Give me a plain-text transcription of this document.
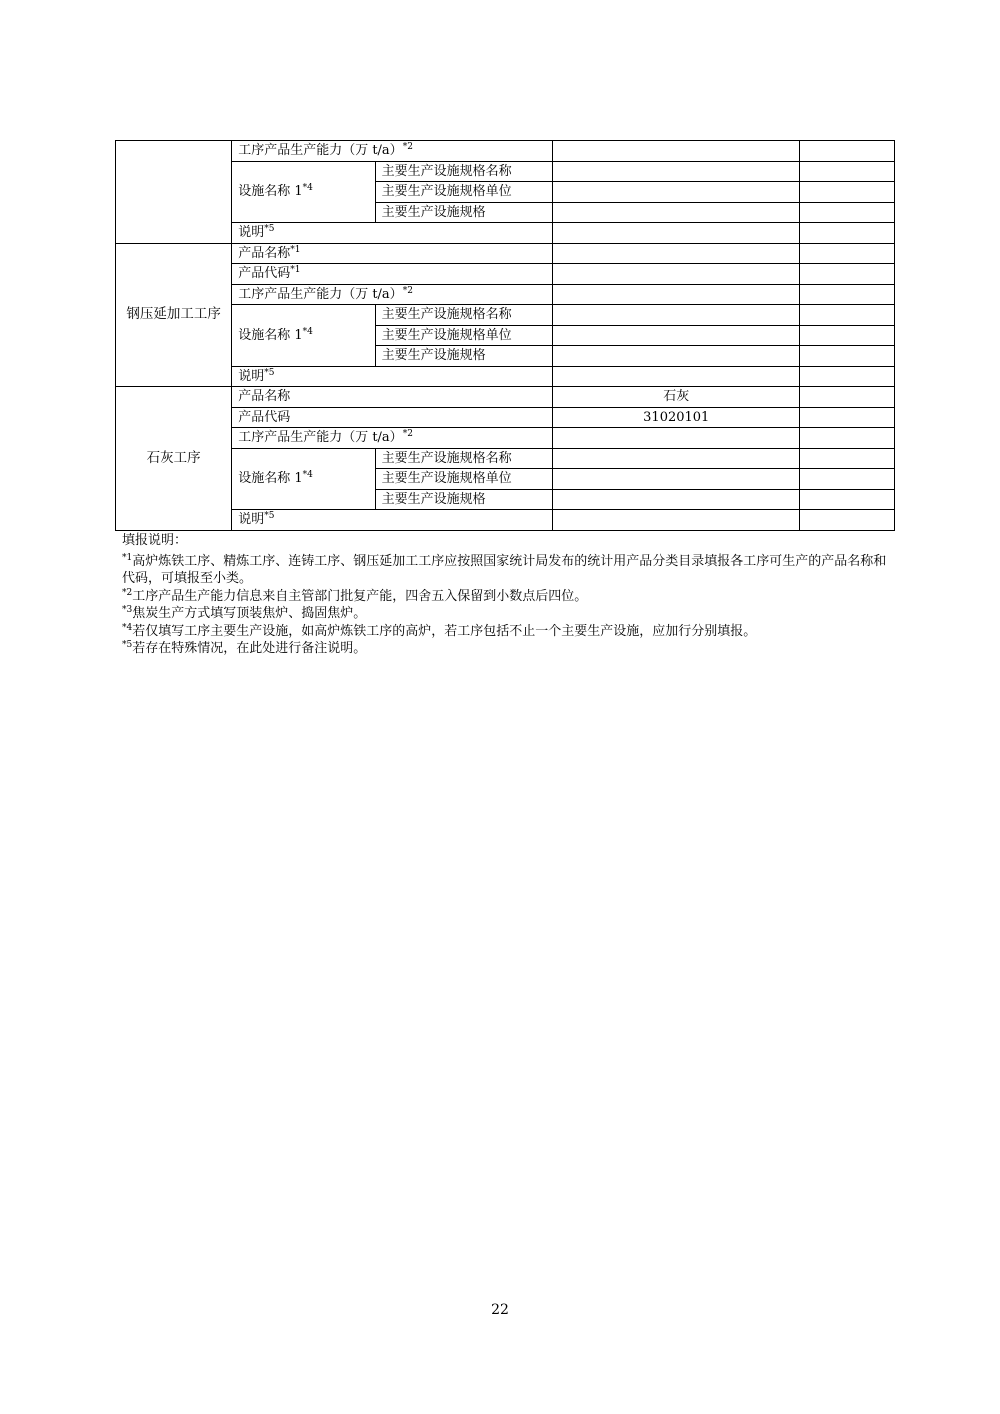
	工序产品生产能力（万 t/a）$^{*2}$		
	设施名称 1$^{*4}$	主要生产设施规格名称		
		主要生产设施规格单位		
		主要生产设施规格		
	说明$^{*5}$		
钢压延加工工序	产品名称$^{*1}$		
	产品代码$^{*1}$		
	工序产品生产能力（万 t/a）$^{*2}$		
	设施名称 1$^{*4}$	主要生产设施规格名称		
		主要生产设施规格单位		
		主要生产设施规格		
	说明$^{*5}$		
石灰工序	产品名称		石灰	
	产品代码		31020101	
	工序产品生产能力（万 t/a）$^{*2}$		
	设施名称 1$^{*4}$	主要生产设施规格名称		
		主要生产设施规格单位		
		主要生产设施规格		
	说明$^{*5}$		

填报说明：

$^{*1}$高炉炼铁工序、精炼工序、连铸工序、钢压延加工工序应按照国家统计局发布的统计用产品分类目录填报各工序可生产的产品名称和代码，可填报至小类。

$^{*2}$工序产品生产能力信息来自主管部门批复产能，四舍五入保留到小数点后四位。

$^{*3}$焦炭生产方式填写顶装焦炉、捣固焦炉。

$^{*4}$若仅填写工序主要生产设施，如高炉炼铁工序的高炉，若工序包括不止一个主要生产设施，应加行分别填报。

$^{*5}$若存在特殊情况，在此处进行备注说明。

22
